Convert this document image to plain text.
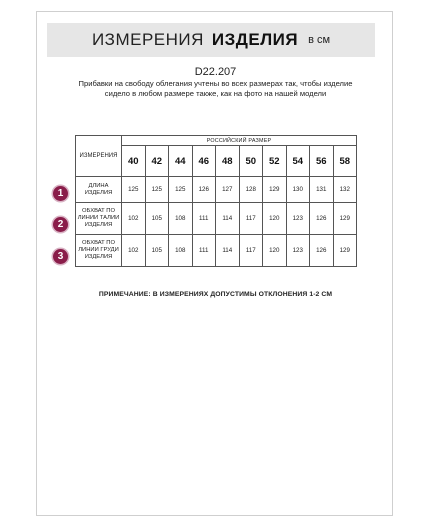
ИЗМЕРЕНИЯ ИЗДЕЛИЯ в см
D22.207
Прибавки на свободу облегания учтены во всех размерах так, чтобы изделие сидело в любом размере также, как на фото на нашей модели
ИЗМЕРЕНИЯ	РОССИЙСКИЙ РАЗМЕР									
	40	42	44	46	48	50	52	54	56	58
ДЛИНА ИЗДЕЛИЯ	125	125	125	126	127	128	129	130	131	132
ОБХВАТ ПО ЛИНИИ ТАЛИИ ИЗДЕЛИЯ	102	105	108	111	114	117	120	123	126	129
ОБХВАТ ПО ЛИНИИ ГРУДИ ИЗДЕЛИЯ	102	105	108	111	114	117	120	123	126	129
1
2
3
ПРИМЕЧАНИЕ: В ИЗМЕРЕНИЯХ ДОПУСТИМЫ ОТКЛОНЕНИЯ 1-2 СМ
